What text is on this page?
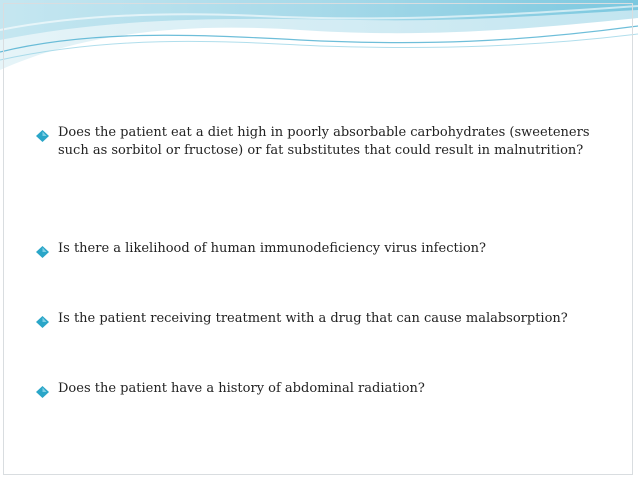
Does the patient eat a diet high in poorly absorbable carbohydrates (sweeteners such as sorbitol or fructose) or fat substitutes that could result in malnutrition?
Is there a likelihood of human immunodeficiency virus infection?
Is the patient receiving treatment with a drug that can cause malabsorption?
Does the patient have a history of abdominal radiation?
